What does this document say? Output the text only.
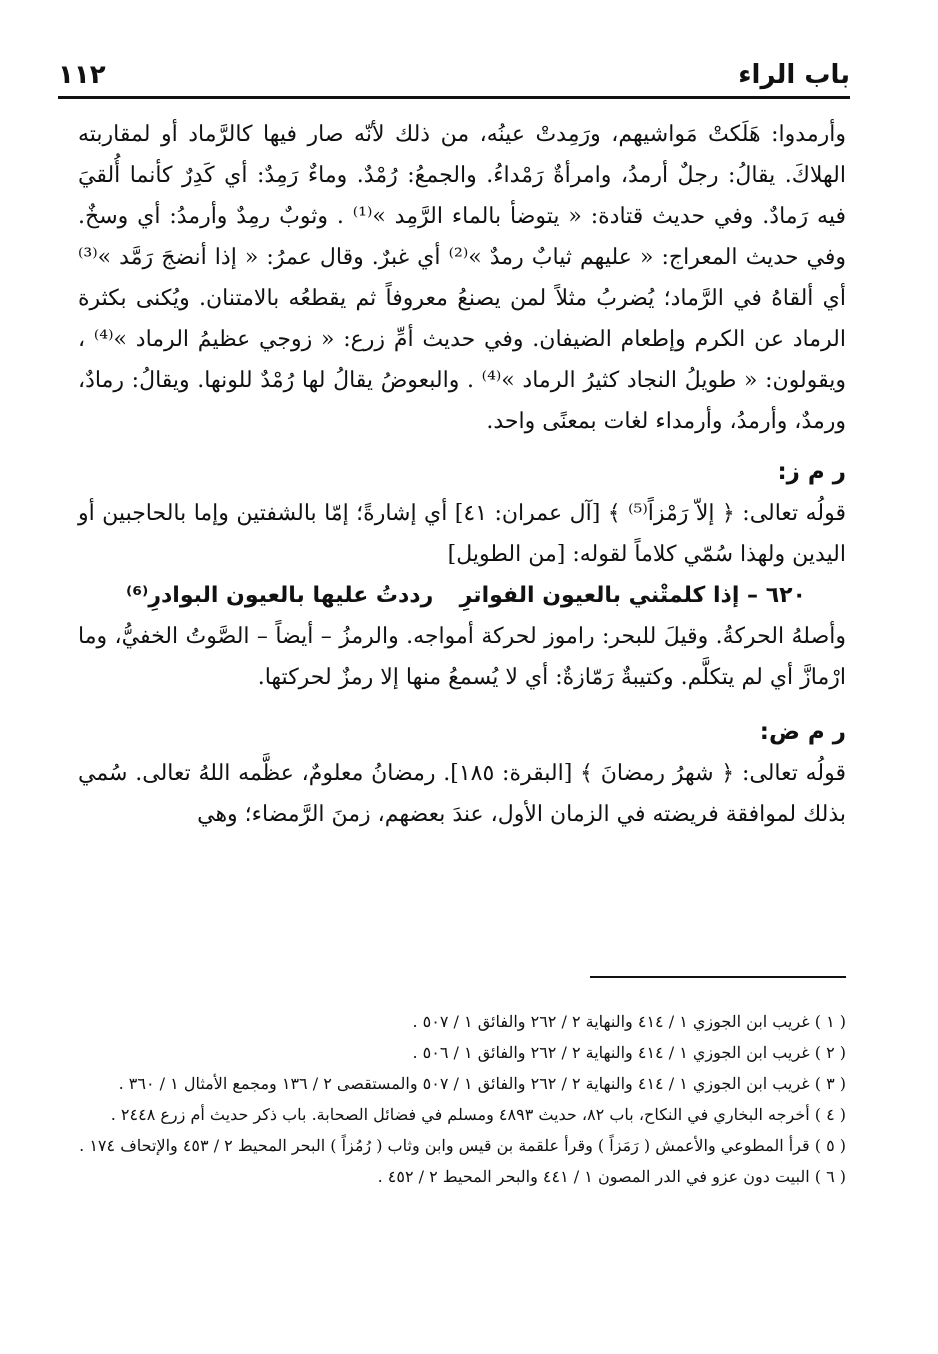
١١٢	باب الراء

وأرمدوا: هَلَكتْ مَواشيهم، ورَمِدتْ عينُه، من ذلك لأنّه صار فيها كالرَّماد أو لمقاربته الهلاكَ. يقالُ: رجلٌ أرمدُ، وامرأةٌ رَمْداءُ. والجمعُ: رُمْدٌ. وماءٌ رَمِدٌ: أي كَدِرٌ كأنما أُلقيَ فيه رَمادٌ. وفي حديث قتادة: « يتوضأ بالماء الرَّمِد »⁽¹⁾ . وثوبٌ رمِدٌ وأرمدُ: أي وسخٌ. وفي حديث المعراج: « عليهم ثيابٌ رمدٌ »⁽²⁾ أي غبرٌ. وقال عمرُ: « إذا أنضجَ رَمَّد »⁽³⁾ أي ألقاهُ في الرَّماد؛ يُضربُ مثلاً لمن يصنعُ معروفاً ثم يقطعُه بالامتنان. ويُكنى بكثرة الرماد عن الكرم وإطعام الضيفان. وفي حديث أمِّ زرع: « زوجي عظيمُ الرماد »⁽⁴⁾ ، ويقولون: « طويلُ النجاد كثيرُ الرماد »⁽⁴⁾ . والبعوضُ يقالُ لها رُمْدٌ للونها. ويقالُ: رمادٌ، ورمدٌ، وأرمدُ، وأرمداء لغات بمعنًى واحد.

ر م ز:

قولُه تعالى: ﴿ إلاّ رَمْزاً⁽⁵⁾ ﴾ [آل عمران: ٤١] أي إشارةً؛ إمّا بالشفتين وإما بالحاجبين أو اليدين ولهذا سُمّي كلاماً لقوله: [من الطويل]

٦٢٠ – إذا كلمتْني بالعيون الفواترِ
رددتُ عليها بالعيون البوادرِ⁽⁶⁾

وأصلهُ الحركةُ. وقيلَ للبحر: راموز لحركة أمواجه. والرمزُ – أيضاً – الصَّوتُ الخفيُّ، وما ارْمازَّ أي لم يتكلَّم. وكتيبةٌ رَمّازةٌ: أي لا يُسمعُ منها إلا رمزٌ لحركتها.

ر م ض:

قولُه تعالى: ﴿ شهرُ رمضانَ ﴾ [البقرة: ١٨٥]. رمضانُ معلومٌ، عظَّمه اللهُ تعالى. سُمي بذلك لموافقة فريضته في الزمان الأول، عندَ بعضهم، زمنَ الرَّمضاء؛ وهي

( ١ ) غريب ابن الجوزي ١ / ٤١٤ والنهاية ٢ / ٢٦٢ والفائق ١ / ٥٠٧ .

( ٢ ) غريب ابن الجوزي ١ / ٤١٤ والنهاية ٢ / ٢٦٢ والفائق ١ / ٥٠٦ .

( ٣ ) غريب ابن الجوزي ١ / ٤١٤ والنهاية ٢ / ٢٦٢ والفائق ١ / ٥٠٧ والمستقصى ٢ / ١٣٦ ومجمع الأمثال ١ / ٣٦٠ .

( ٤ ) أخرجه البخاري في النكاح، باب ٨٢، حديث ٤٨٩٣ ومسلم في فضائل الصحابة. باب ذكر حديث أم زرع ٢٤٤٨ .

( ٥ ) قرأ المطوعي والأعمش ( رَمَزاً ) وقرأ علقمة بن قيس وابن وثاب ( رُمُزاً ) البحر المحيط ٢ / ٤٥٣ والإتحاف ١٧٤ .

( ٦ ) البيت دون عزو في الدر المصون ١ / ٤٤١ والبحر المحيط ٢ / ٤٥٢ .
